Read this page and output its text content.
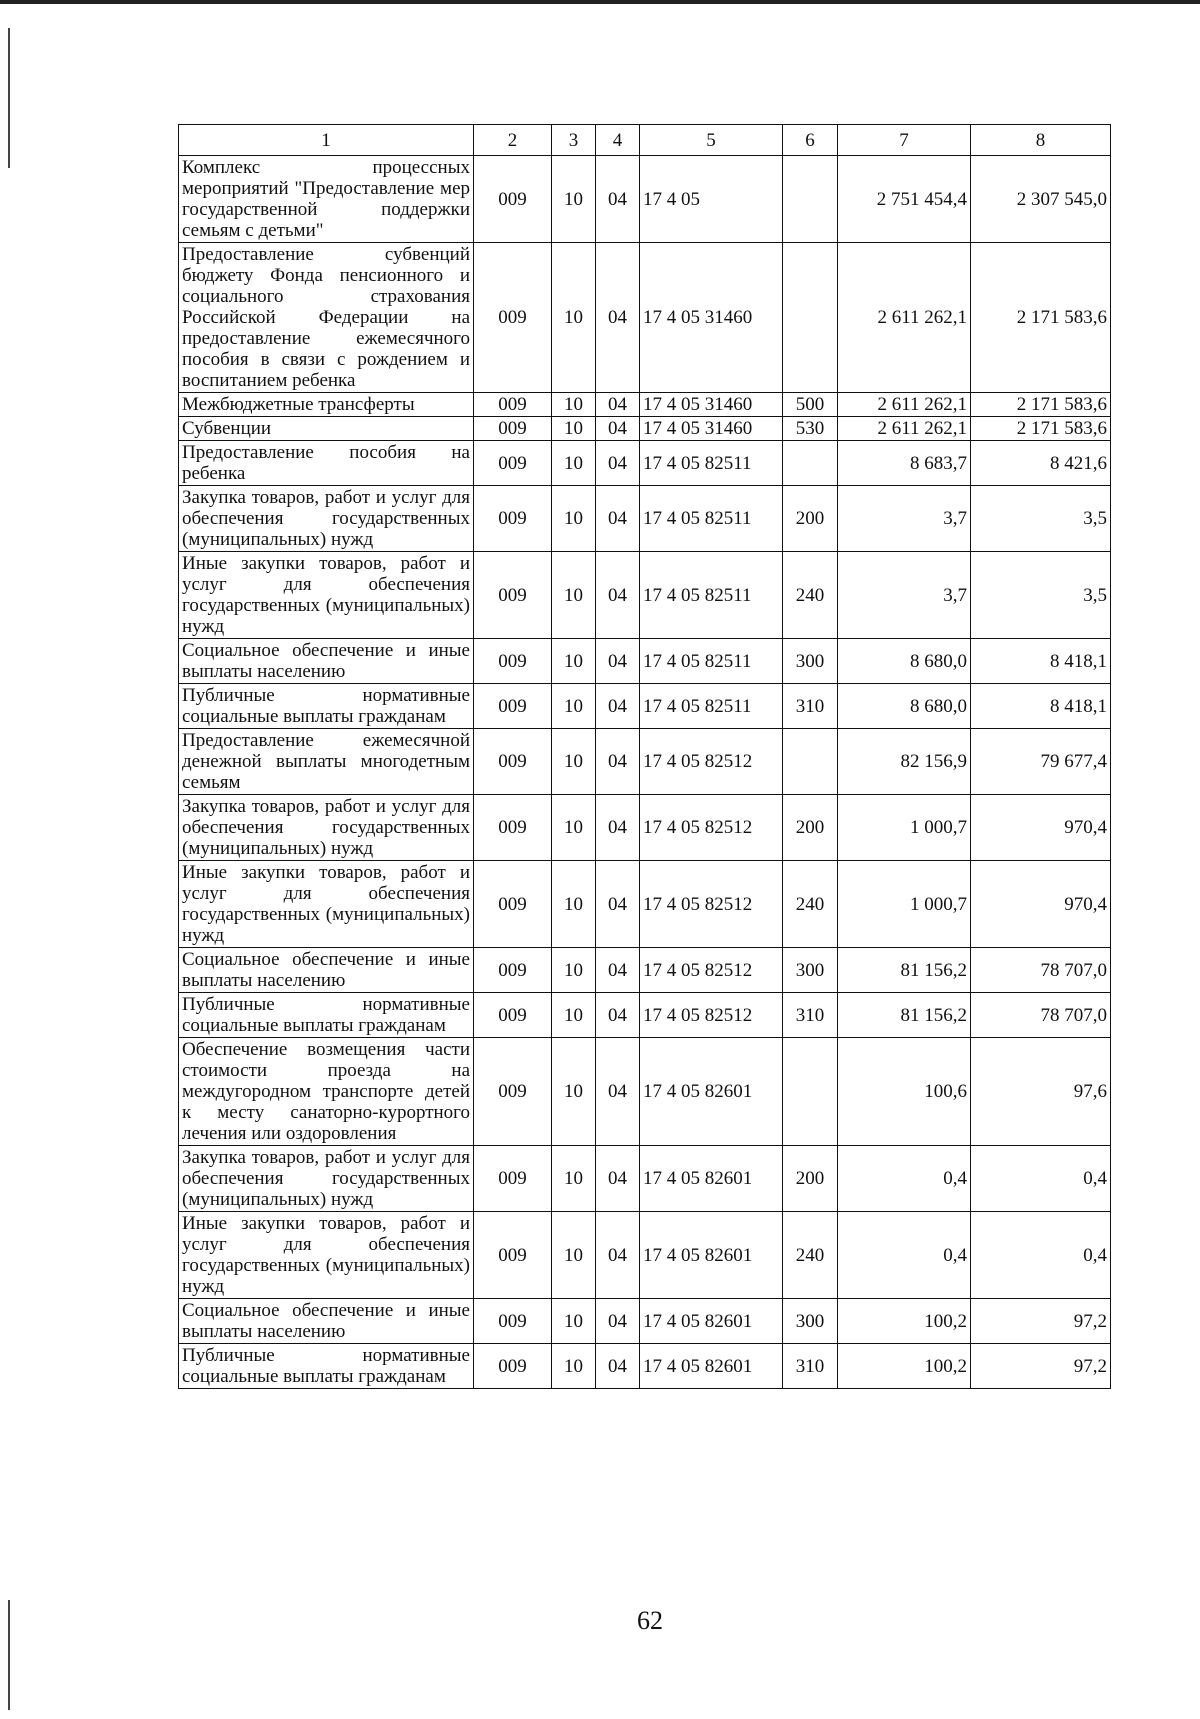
1	2	3	4	5	6	7	8
Комплекс процессных мероприятий "Предоставление мер государственной поддержки семьям с детьми"	009	10	04	17 4 05		2 751 454,4	2 307 545,0
Предоставление субвенций бюджету Фонда пенсионного и социального страхования Российской Федерации на предоставление ежемесячного пособия в связи с рождением и воспитанием ребенка	009	10	04	17 4 05 31460		2 611 262,1	2 171 583,6
Межбюджетные трансферты	009	10	04	17 4 05 31460	500	2 611 262,1	2 171 583,6
Субвенции	009	10	04	17 4 05 31460	530	2 611 262,1	2 171 583,6
Предоставление пособия на ребенка	009	10	04	17 4 05 82511		8 683,7	8 421,6
Закупка товаров, работ и услуг для обеспечения государственных (муниципальных) нужд	009	10	04	17 4 05 82511	200	3,7	3,5
Иные закупки товаров, работ и услуг для обеспечения государственных (муниципальных) нужд	009	10	04	17 4 05 82511	240	3,7	3,5
Социальное обеспечение и иные выплаты населению	009	10	04	17 4 05 82511	300	8 680,0	8 418,1
Публичные нормативные социальные выплаты гражданам	009	10	04	17 4 05 82511	310	8 680,0	8 418,1
Предоставление ежемесячной денежной выплаты многодетным семьям	009	10	04	17 4 05 82512		82 156,9	79 677,4
Закупка товаров, работ и услуг для обеспечения государственных (муниципальных) нужд	009	10	04	17 4 05 82512	200	1 000,7	970,4
Иные закупки товаров, работ и услуг для обеспечения государственных (муниципальных) нужд	009	10	04	17 4 05 82512	240	1 000,7	970,4
Социальное обеспечение и иные выплаты населению	009	10	04	17 4 05 82512	300	81 156,2	78 707,0
Публичные нормативные социальные выплаты гражданам	009	10	04	17 4 05 82512	310	81 156,2	78 707,0
Обеспечение возмещения части стоимости проезда на междугородном транспорте детей к месту санаторно-курортного лечения или оздоровления	009	10	04	17 4 05 82601		100,6	97,6
Закупка товаров, работ и услуг для обеспечения государственных (муниципальных) нужд	009	10	04	17 4 05 82601	200	0,4	0,4
Иные закупки товаров, работ и услуг для обеспечения государственных (муниципальных) нужд	009	10	04	17 4 05 82601	240	0,4	0,4
Социальное обеспечение и иные выплаты населению	009	10	04	17 4 05 82601	300	100,2	97,2
Публичные нормативные социальные выплаты гражданам	009	10	04	17 4 05 82601	310	100,2	97,2
62
